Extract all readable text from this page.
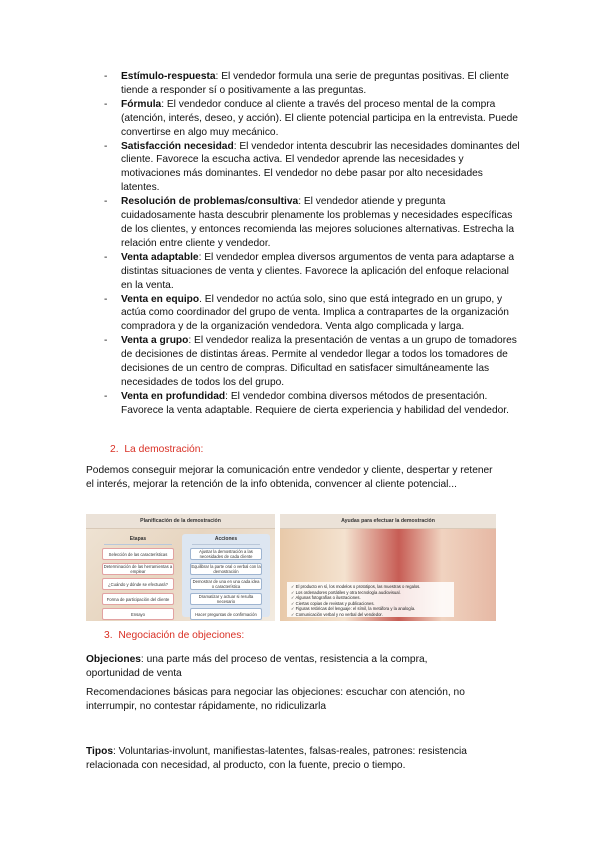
- Estímulo-respuesta: El vendedor formula una serie de preguntas positivas. El cliente tiende a responder sí o positivamente a las preguntas.
- Fórmula: El vendedor conduce al cliente a través del proceso mental de la compra (atención, interés, deseo, y acción). El cliente potencial participa en la entrevista. Puede convertirse en algo muy mecánico.
- Satisfacción necesidad: El vendedor intenta descubrir las necesidades dominantes del cliente. Favorece la escucha activa. El vendedor aprende las necesidades y motivaciones más dominantes. El vendedor no debe pasar por alto necesidades latentes.
- Resolución de problemas/consultiva: El vendedor atiende y pregunta cuidadosamente hasta descubrir plenamente los problemas y necesidades específicas de los clientes, y entonces recomienda las mejores soluciones alternativas. Estrecha la relación entre cliente y vendedor.
- Venta adaptable: El vendedor emplea diversos argumentos de venta para adaptarse a distintas situaciones de venta y clientes. Favorece la aplicación del enfoque relacional en la venta.
- Venta en equipo. El vendedor no actúa solo, sino que está integrado en un grupo, y actúa como coordinador del grupo de venta. Implica a contrapartes de la organización compradora y de la organización vendedora. Venta algo complicada y larga.
- Venta a grupo: El vendedor realiza la presentación de ventas a un grupo de tomadores de decisiones de distintas áreas. Permite al vendedor llegar a todos los tomadores de decisiones de un centro de compras. Dificultad en satisfacer simultáneamente las necesidades de todos los del grupo.
- Venta en profundidad: El vendedor combina diversos métodos de presentación. Favorece la venta adaptable. Requiere de cierta experiencia y habilidad del vendedor.
2. La demostración:
Podemos conseguir mejorar la comunicación entre vendedor y cliente, despertar y retener el interés, mejorar la retención de la info obtenida, convencer al cliente potencial...
Planificación de la demostración
Etapas
Selección de las características
Determinación de las herramientas a emplear
¿Cuándo y dónde se efectuará?
Forma de participación del cliente
Ensayo
Acciones
Ajustar la demostración a las necesidades de cada cliente
Equilibrar la parte oral o verbal con la demostración
Demostrar de una en una cada idea o característica
Dramatizar y actuar si resulta necesario
Hacer preguntas de confirmación
Ayudas para efectuar la demostración
✓ El producto en sí, los modelos o prototipos, las muestras o regalos.
✓ Los ordenadores portátiles y otra tecnología audiovisual.
✓ Algunas fotografías o ilustraciones.
✓ Ciertas copias de revistas y publicaciones.
✓ Figuras retóricas del lenguaje: el símil, la metáfora y la analogía.
✓ Comunicación verbal y no verbal del vendedor.
3. Negociación de objeciones:
Objeciones: una parte más del proceso de ventas, resistencia a la compra, oportunidad de venta
Recomendaciones básicas para negociar las objeciones: escuchar con atención, no interrumpir, no contestar rápidamente, no ridiculizarla
Tipos: Voluntarias-involunt, manifiestas-latentes, falsas-reales, patrones: resistencia relacionada con necesidad, al producto, con la fuente, precio o tiempo.
